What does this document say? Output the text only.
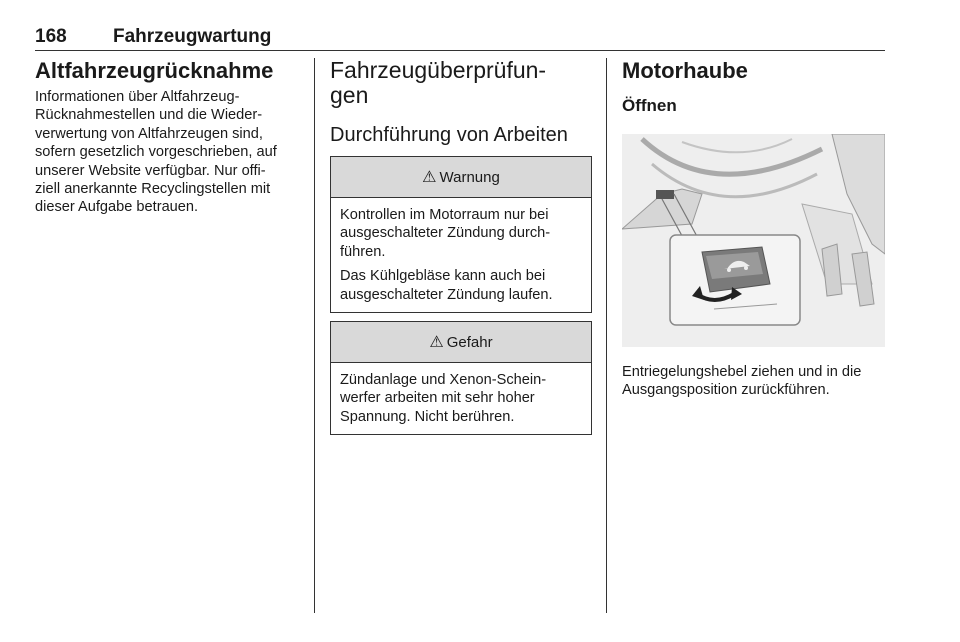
168 Fahrzeugwartung
Altfahrzeugrücknahme

Informationen über Altfahrzeug-
Rücknahmestellen und die Wieder-
verwertung von Altfahrzeugen sind,
sofern gesetzlich vorgeschrieben, auf
unserer Website verfügbar. Nur offi-
ziell anerkannte Recyclingstellen mit
dieser Aufgabe betrauen.

Fahrzeugüberprüfun-
gen
Durchführung von Arbeiten
⚠ Warnung

Kontrollen im Motorraum nur bei
ausgeschalteter Zündung durch-
führen.

Das Kühlgebläse kann auch bei
ausgeschalteter Zündung laufen.

⚠ Gefahr

Zündanlage und Xenon-Schein-
werfer arbeiten mit sehr hoher
Spannung. Nicht berühren.

Motorhaube
Öffnen

Entriegelungshebel ziehen und in die
Ausgangsposition zurückführen.
